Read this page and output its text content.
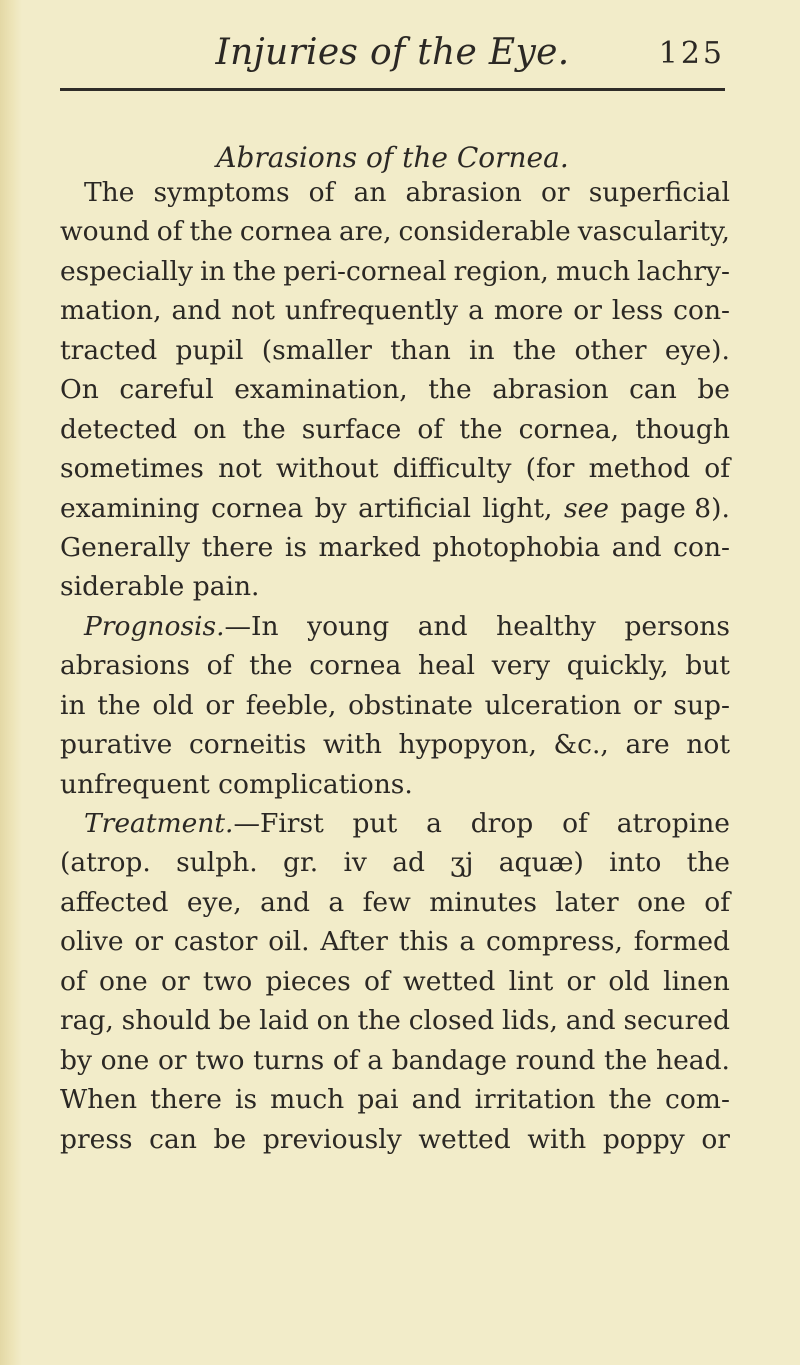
Injuries of the Eye.	125
Abrasions of the Cornea.
The symptoms of an abrasion or superficial
wound of the cornea are, considerable vascularity,
especially in the peri-corneal region, much lachry-
mation, and not unfrequently a more or less con-
tracted pupil (smaller than in the other eye).
On careful examination, the abrasion can be
detected on the surface of the cornea, though
sometimes not without difficulty (for method of
examining cornea by artificial light, see page 8).
Generally there is marked photophobia and con-
siderable pain.
Prognosis.—In young and healthy persons
abrasions of the cornea heal very quickly, but
in the old or feeble, obstinate ulceration or sup-
purative corneitis with hypopyon, &c., are not
unfrequent complications.
Treatment.—First put a drop of atropine
(atrop. sulph. gr. iv ad ʒj aquæ) into the
affected eye, and a few minutes later one of
olive or castor oil. After this a compress, formed
of one or two pieces of wetted lint or old linen
rag, should be laid on the closed lids, and secured
by one or two turns of a bandage round the head.
When there is much pai and irritation the com-
press can be previously wetted with poppy or
